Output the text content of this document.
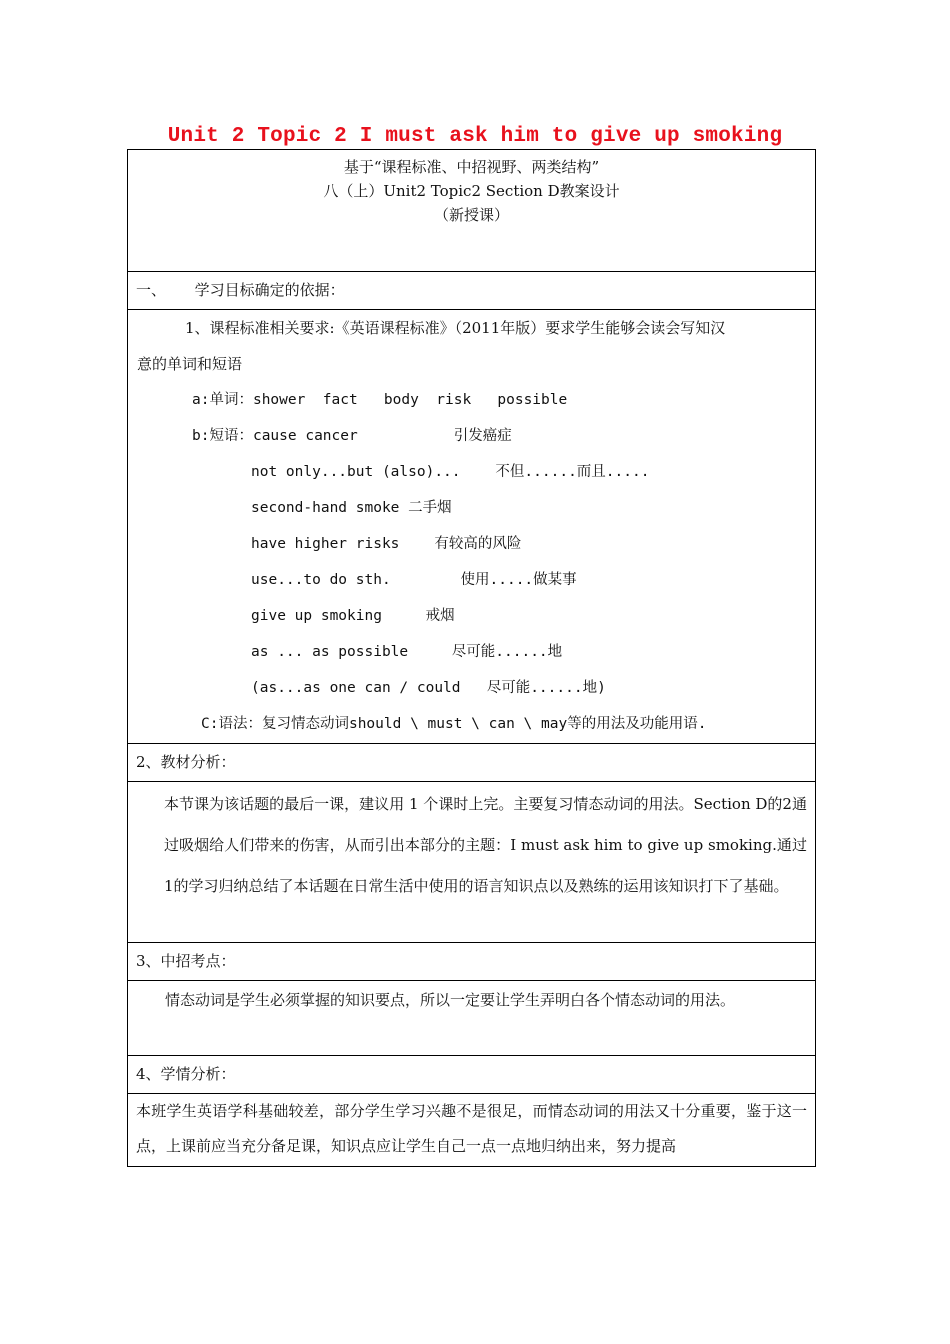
Unit 2 Topic 2 I must ask him to give up smoking

基于“课程标准、中招视野、两类结构”

八（上）Unit2 Topic2 Section D教案设计

（新授课）

一、      学习目标确定的依据：

1、课程标准相关要求:《英语课程标准》（2011年版）要求学生能够会读会写知汉
意的单词和短语
a:单词：shower  fact   body  risk   possible
b:短语：cause cancer           引发癌症
not only...but (also)...    不但......而且.....
second-hand smoke 二手烟
have higher risks    有较高的风险
use...to do sth.        使用.....做某事
give up smoking     戒烟
as ... as possible     尽可能......地
(as...as one can / could   尽可能......地)
C:语法：复习情态动词should \ must \ can \ may等的用法及功能用语.

2、教材分析：

本节课为该话题的最后一课，建议用 1 个课时上完。主要复习情态动词的用法。Section D的2通过吸烟给人们带来的伤害，从而引出本部分的主题：I must ask him to give up smoking.通过1的学习归纳总结了本话题在日常生活中使用的语言知识点以及熟练的运用该知识打下了基础。

3、中招考点：

情态动词是学生必须掌握的知识要点，所以一定要让学生弄明白各个情态动词的用法。

4、学情分析：

本班学生英语学科基础较差，部分学生学习兴趣不是很足，而情态动词的用法又十分重要，鉴于这一点，上课前应当充分备足课，知识点应让学生自己一点一点地归纳出来，努力提高
